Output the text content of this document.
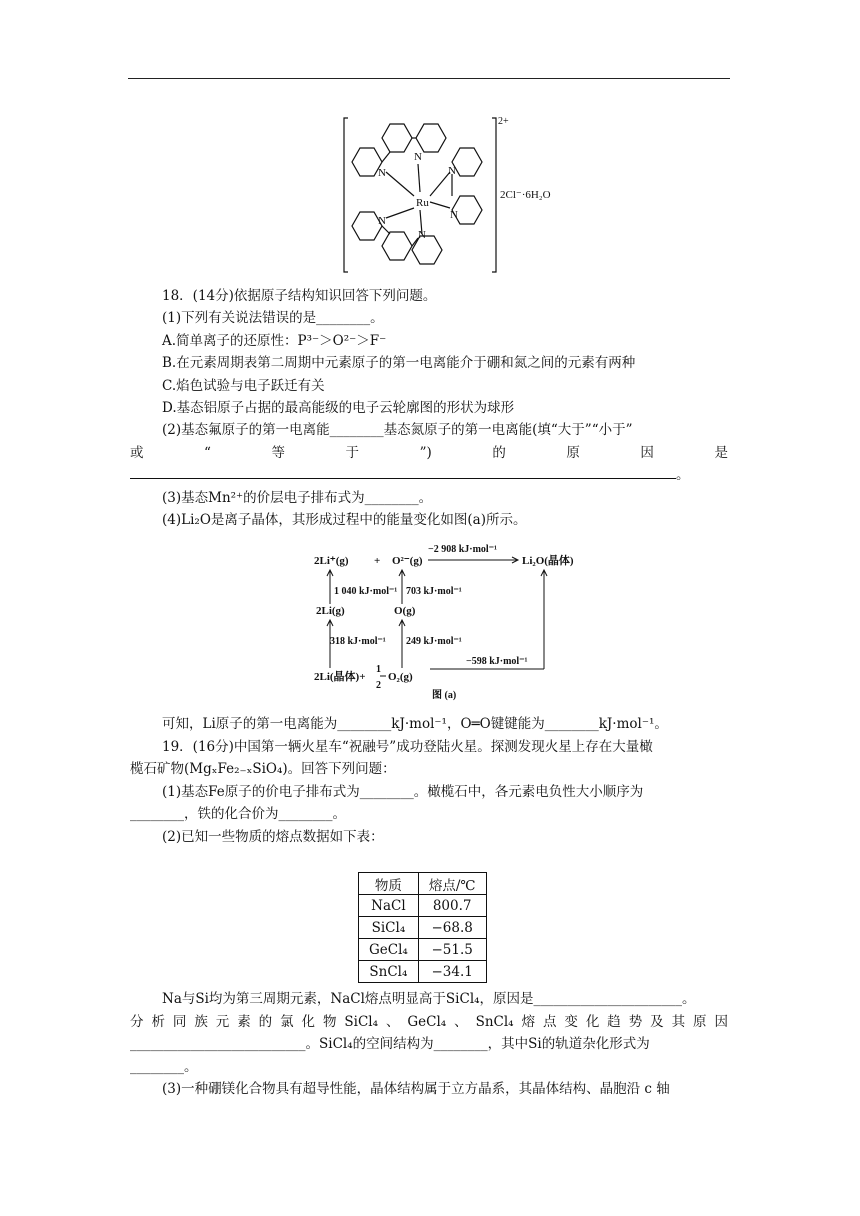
N
N	N
N
N
N
Ru
2+
2Cl⁻·6H₂O
18．(14分)依据原子结构知识回答下列问题。
(1)下列有关说法错误的是________。
A.简单离子的还原性：P³⁻＞O²⁻＞F⁻
B.在元素周期表第二周期中元素原子的第一电离能介于硼和氮之间的元素有两种
C.焰色试验与电子跃迁有关
D.基态铝原子占据的最高能级的电子云轮廓图的形状为球形
(2)基态氟原子的第一电离能________基态氮原子的第一电离能(填“大于”“小于”
或	“	等	于	”)	的	原	因	是
。
(3)基态Mn²⁺的价层电子排布式为________。
(4)Li₂O是离子晶体，其形成过程中的能量变化如图(a)所示。
2Li⁺(g) + O²⁻(g)
−2 908 kJ·mol⁻¹
Li₂O(晶体)
1 040 kJ·mol⁻¹ 703 kJ·mol⁻¹
2Li(g)	O(g)
318 kJ·mol⁻¹ 249 kJ·mol⁻¹
−598 kJ·mol⁻¹
2Li(晶体)+
1
2
O₂(g)
图 (a)
可知，Li原子的第一电离能为________kJ·mol⁻¹，O═O键键能为________kJ·mol⁻¹。
19．(16分)中国第一辆火星车“祝融号”成功登陆火星。探测发现火星上存在大量橄
榄石矿物(MgₓFe₂₋ₓSiO₄)。回答下列问题：
(1)基态Fe原子的价电子排布式为________。橄榄石中，各元素电负性大小顺序为
________，铁的化合价为________。
(2)已知一些物质的熔点数据如下表：
物质	熔点/℃
NaCl	800.7
SiCl₄	−68.8
GeCl₄	−51.5
SnCl₄	−34.1
Na与Si均为第三周期元素，NaCl熔点明显高于SiCl₄，原因是______________________。
分 析 同 族 元 素 的 氯 化 物 SiCl₄ 、 GeCl₄ 、 SnCl₄ 熔 点 变 化 趋 势 及 其 原 因
__________________________。SiCl₄的空间结构为________，其中Si的轨道杂化形式为
________。
(3)一种硼镁化合物具有超导性能，晶体结构属于立方晶系，其晶体结构、晶胞沿 c 轴
